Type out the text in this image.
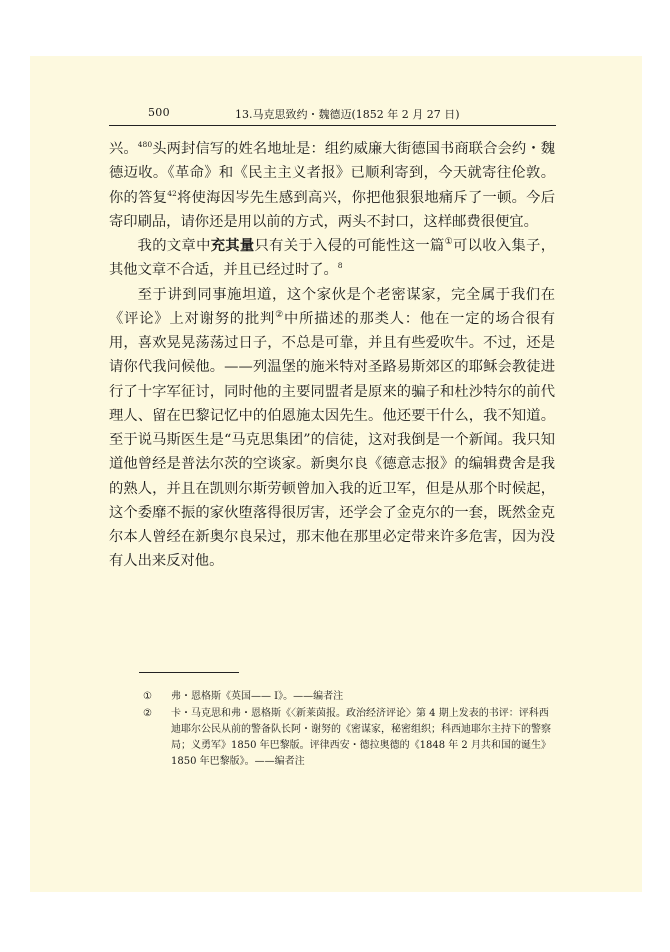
500	13.马克思致约・魏德迈(1852 年 2 月 27 日)

兴。$^{480}$头两封信写的姓名地址是：组约威廉大街德国书商联合会约・魏德迈收。《革命》和《民主主义者报》已顺利寄到，今天就寄往伦敦。你的答复$^{42}$将使海因岑先生感到高兴，你把他狠狠地痛斥了一顿。今后寄印刷品，请你还是用以前的方式，两头不封口，这样邮费很便宜。

我的文章中充其量只有关于入侵的可能性这一篇①可以收入集子，其他文章不合适，并且已经过时了。$^8$

至于讲到同事施坦道，这个家伙是个老密谋家，完全属于我们在《评论》上对谢努的批判②中所描述的那类人：他在一定的场合很有用，喜欢晃晃荡荡过日子，不总是可靠，并且有些爱吹牛。不过，还是请你代我问候他。——列温堡的施米特对圣路易斯郊区的耶稣会教徒进行了十字军征讨，同时他的主要同盟者是原来的骗子和杜沙特尔的前代理人、留在巴黎记忆中的伯恩施太因先生。他还要干什么，我不知道。至于说马斯医生是“马克思集团”的信徒，这对我倒是一个新闻。我只知道他曾经是普法尔茨的空谈家。新奥尔良《德意志报》的编辑费舍是我的熟人，并且在凯则尔斯劳顿曾加入我的近卫军，但是从那个时候起，这个委靡不振的家伙堕落得很厉害，还学会了金克尔的一套，既然金克尔本人曾经在新奥尔良呆过，那末他在那里必定带来许多危害，因为没有人出来反对他。

① 弗・恩格斯《英国—— Ⅰ》。——编者注
② 卡・马克思和弗・恩格斯《〈新莱茵报。政治经济评论〉第 4 期上发表的书评：评科西迪耶尔公民从前的警备队长阿・谢努的《密谋家，秘密组织；科西迪耶尔主持下的警察局；义勇军》1850 年巴黎版。评律西安・德拉奥德的《1848 年 2 月共和国的诞生》1850 年巴黎版》。——编者注
